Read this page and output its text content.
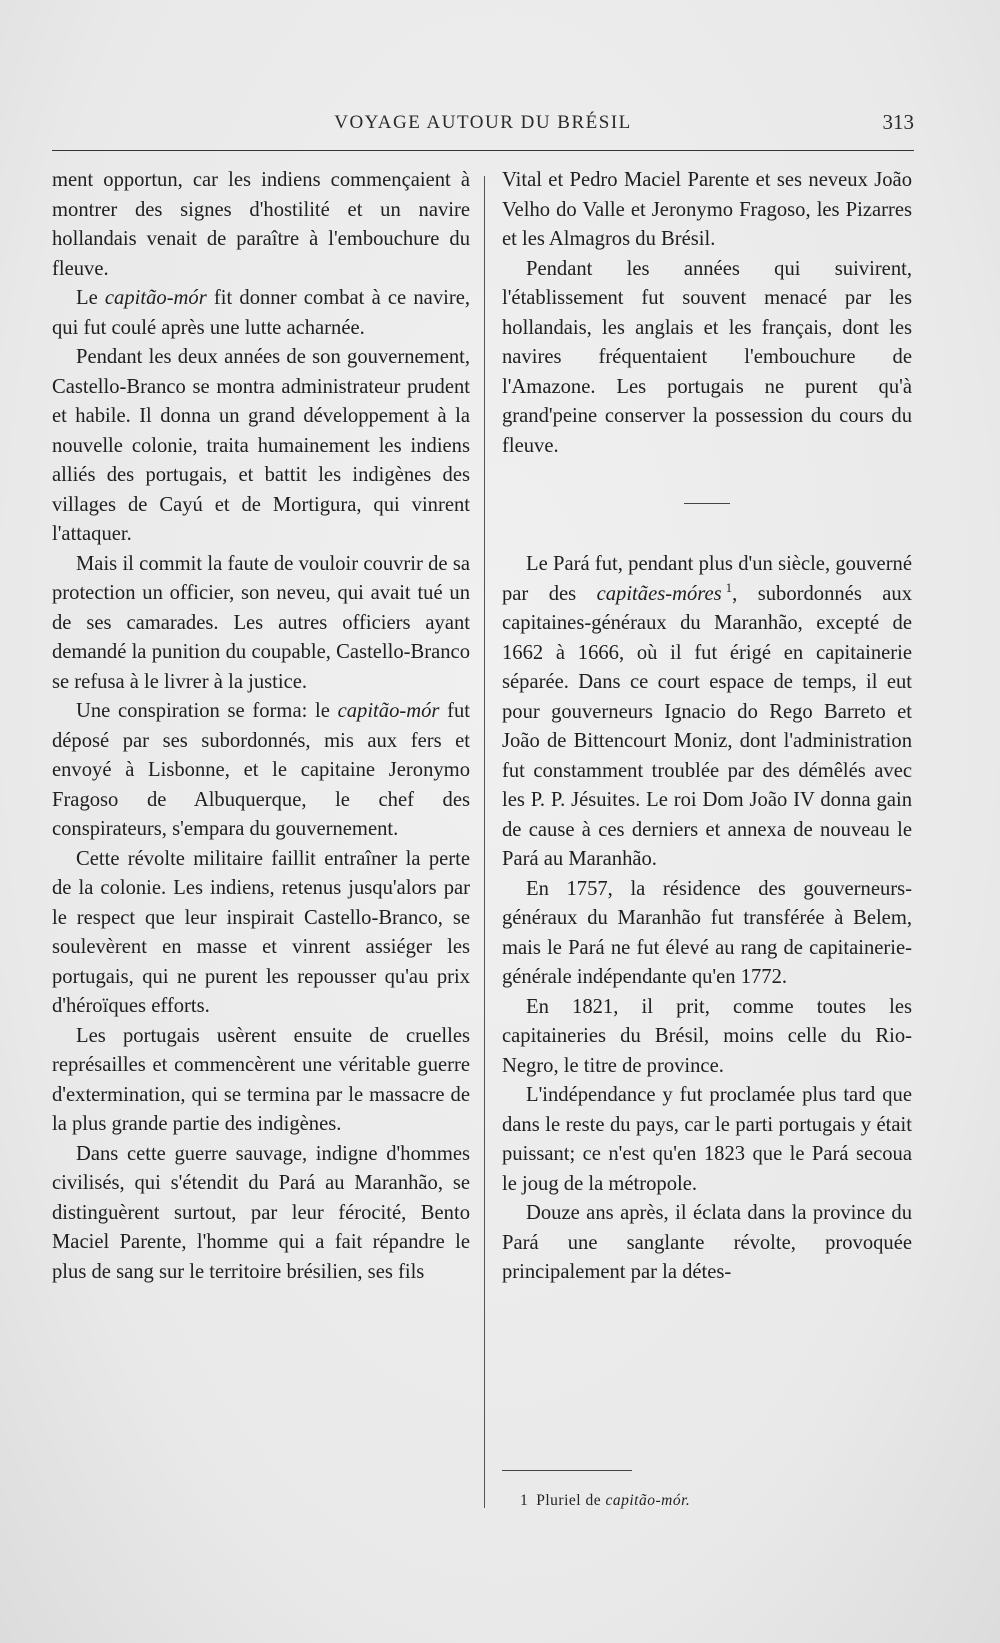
VOYAGE AUTOUR DU BRÉSIL	313

ment opportun, car les indiens commençaient à montrer des signes d'hostilité et un navire hollandais venait de paraître à l'embouchure du fleuve.

Le capitão-mór fit donner combat à ce navire, qui fut coulé après une lutte acharnée.

Pendant les deux années de son gouvernement, Castello-Branco se montra administrateur prudent et habile. Il donna un grand développement à la nouvelle colonie, traita humainement les indiens alliés des portugais, et battit les indigènes des villages de Cayú et de Mortigura, qui vinrent l'attaquer.

Mais il commit la faute de vouloir couvrir de sa protection un officier, son neveu, qui avait tué un de ses camarades. Les autres officiers ayant demandé la punition du coupable, Castello-Branco se refusa à le livrer à la justice.

Une conspiration se forma: le capitão-mór fut déposé par ses subordonnés, mis aux fers et envoyé à Lisbonne, et le capitaine Jeronymo Fragoso de Albuquerque, le chef des conspirateurs, s'empara du gouvernement.

Cette révolte militaire faillit entraîner la perte de la colonie. Les indiens, retenus jusqu'alors par le respect que leur inspirait Castello-Branco, se soulevèrent en masse et vinrent assiéger les portugais, qui ne purent les repousser qu'au prix d'héroïques efforts.

Les portugais usèrent ensuite de cruelles représailles et commencèrent une véritable guerre d'extermination, qui se termina par le massacre de la plus grande partie des indigènes.

Dans cette guerre sauvage, indigne d'hommes civilisés, qui s'étendit du Pará au Maranhão, se distinguèrent surtout, par leur férocité, Bento Maciel Parente, l'homme qui a fait répandre le plus de sang sur le territoire brésilien, ses fils

Vital et Pedro Maciel Parente et ses neveux João Velho do Valle et Jeronymo Fragoso, les Pizarres et les Almagros du Brésil.

Pendant les années qui suivirent, l'établissement fut souvent menacé par les hollandais, les anglais et les français, dont les navires fréquentaient l'embouchure de l'Amazone. Les portugais ne purent qu'à grand'peine conserver la possession du cours du fleuve.

Le Pará fut, pendant plus d'un siècle, gouverné par des capitães-móres $^1$, subordonnés aux capitaines-généraux du Maranhão, excepté de 1662 à 1666, où il fut érigé en capitainerie séparée. Dans ce court espace de temps, il eut pour gouverneurs Ignacio do Rego Barreto et João de Bittencourt Moniz, dont l'administration fut constamment troublée par des démêlés avec les P. P. Jésuites. Le roi Dom João IV donna gain de cause à ces derniers et annexa de nouveau le Pará au Maranhão.

En 1757, la résidence des gouverneurs-généraux du Maranhão fut transférée à Belem, mais le Pará ne fut élevé au rang de capitainerie-générale indépendante qu'en 1772.

En 1821, il prit, comme toutes les capitaineries du Brésil, moins celle du Rio-Negro, le titre de province.

L'indépendance y fut proclamée plus tard que dans le reste du pays, car le parti portugais y était puissant; ce n'est qu'en 1823 que le Pará secoua le joug de la métropole.

Douze ans après, il éclata dans la province du Pará une sanglante révolte, provoquée principalement par la détes-

1 Pluriel de capitão-mór.
